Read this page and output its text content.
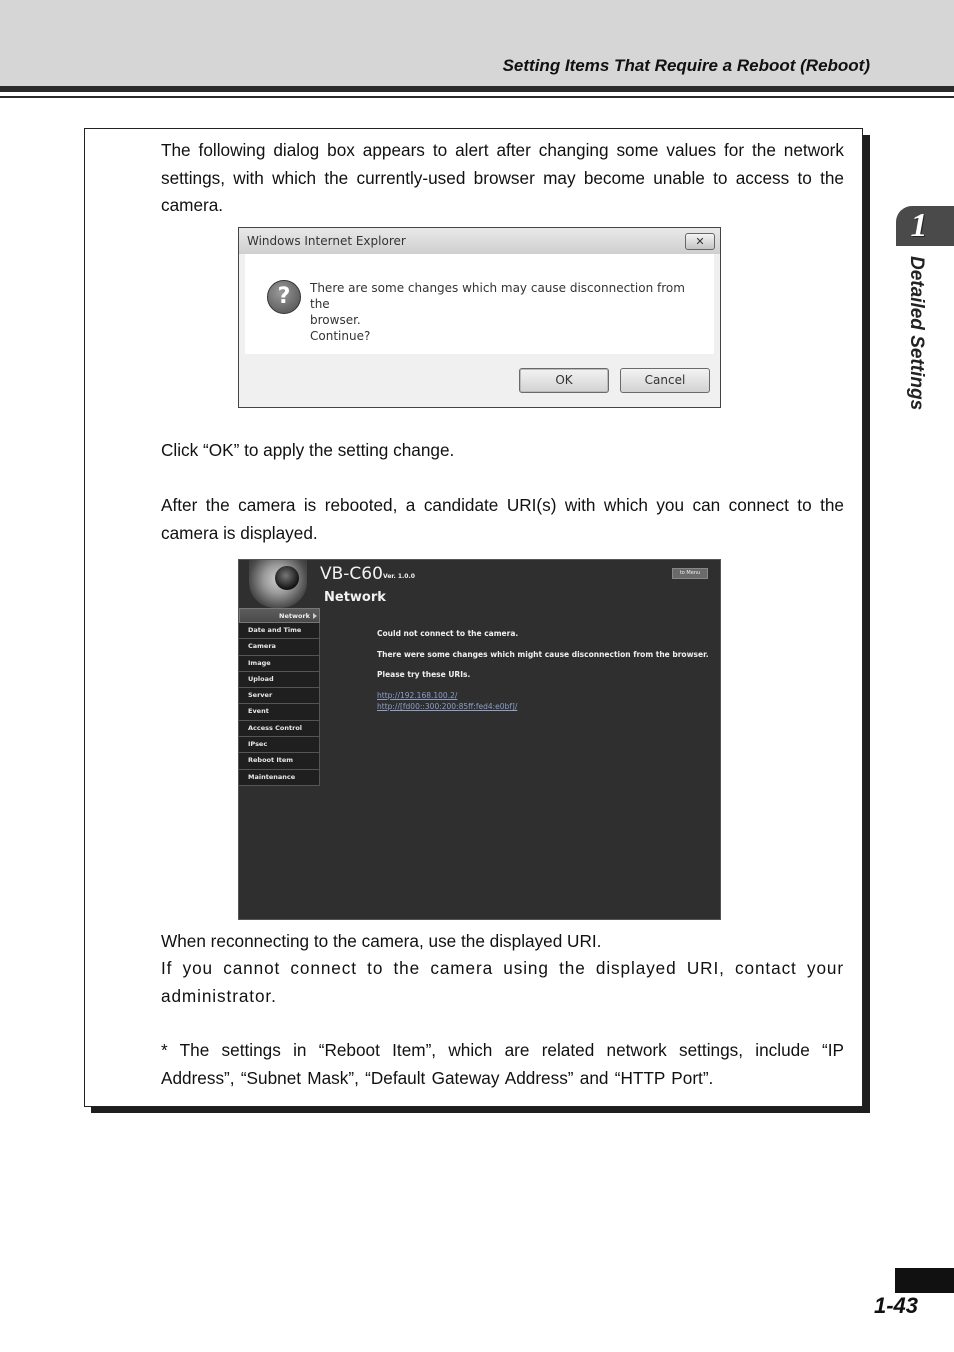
Setting Items That Require a Reboot (Reboot)
1
Detailed Settings
The following dialog box appears to alert after changing some values for the network settings, with which the currently-used browser may become unable to access to the camera.
Windows Internet Explorer	✕
?	There are some changes which may cause disconnection from the
browser.
Continue?
OK	Cancel
Click “OK” to apply the setting change.
After the camera is rebooted, a candidate URI(s) with which you can connect to the camera is displayed.
VB-C60 Ver. 1.0.0
Network
to Menu
Network
Date and Time
Camera
Image
Upload
Server
Event
Access Control
IPsec
Reboot Item
Maintenance
Could not connect to the camera.
There were some changes which might cause disconnection from the browser.
Please try these URIs.
http://192.168.100.2/
http://[fd00::300:200:85ff:fed4:e0bf]/
When reconnecting to the camera, use the displayed URI.
If you cannot connect to the camera using the displayed URI, contact your administrator.
* The settings in “Reboot Item”, which are related network settings, include “IP Address”, “Subnet Mask”, “Default Gateway Address” and “HTTP Port”.
1-43
